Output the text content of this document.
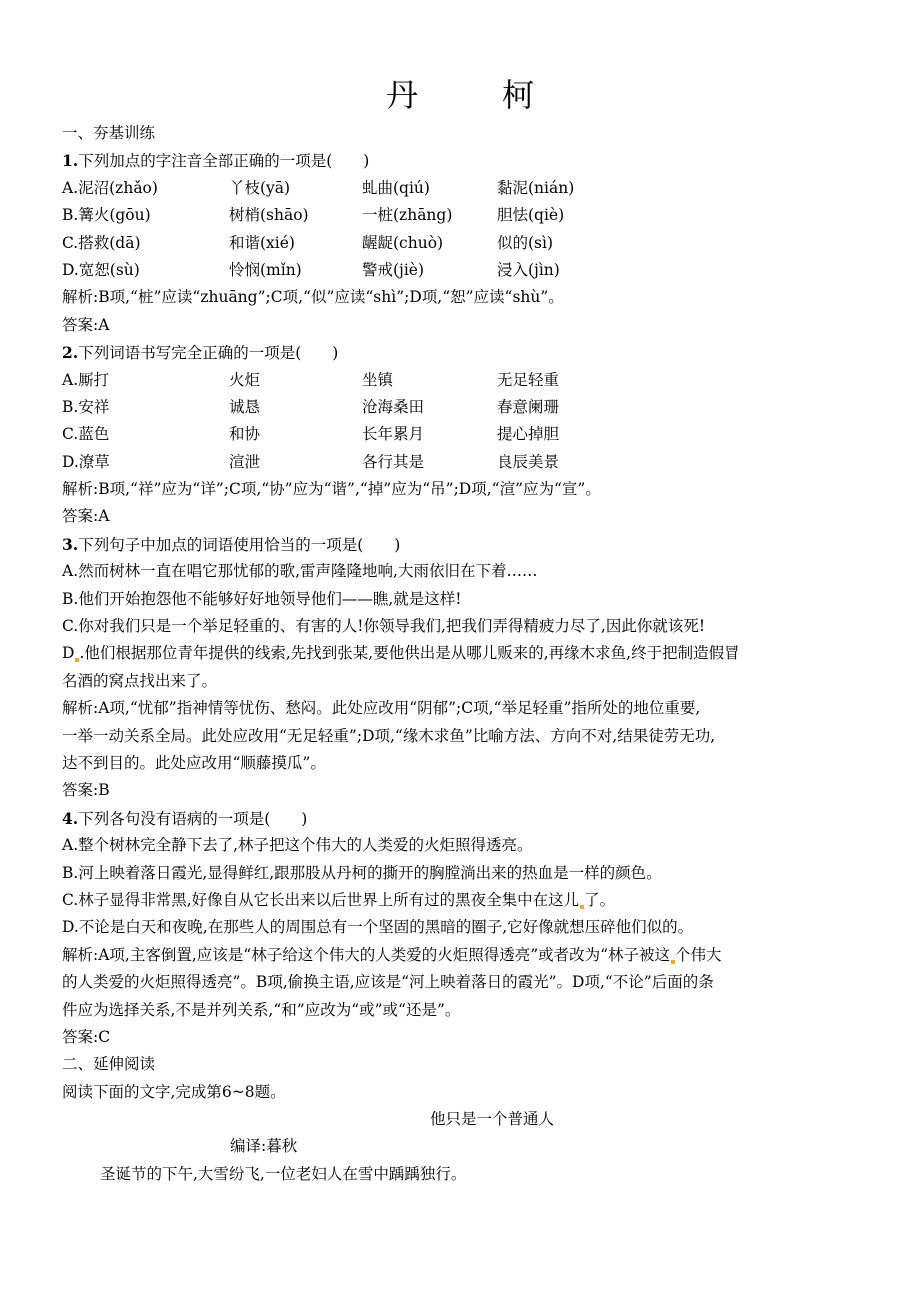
丹　柯
一、夯基训练
1.下列加点的字注音全部正确的一项是(　　)
A.泥沼(zhǎo)	丫枝(yā)	虬曲(qiú)	黏泥(nián)
B.篝火(gōu)	树梢(shāo)	一桩(zhāng)	胆怯(qiè)
C.搭救(dā)	和谐(xié)	龌龊(chuò)	似的(sì)
D.宽恕(sù)	怜悯(mǐn)	警戒(jiè)	浸入(jìn)
解析:B项,“桩”应读“zhuāng”;C项,“似”应读“shì”;D项,“恕”应读“shù”。
答案:A
2.下列词语书写完全正确的一项是(　　)
A.厮打	火炬	坐镇	无足轻重
B.安祥	诚恳	沧海桑田	春意阑珊
C.蓝色	和协	长年累月	提心掉胆
D.潦草	渲泄	各行其是	良辰美景
解析:B项,“祥”应为“详”;C项,“协”应为“谐”,“掉”应为“吊”;D项,“渲”应为“宣”。
答案:A
3.下列句子中加点的词语使用恰当的一项是(　　)
A.然而树林一直在唱它那忧郁的歌,雷声隆隆地响,大雨依旧在下着……
B.他们开始抱怨他不能够好好地领导他们——瞧,就是这样!
C.你对我们只是一个举足轻重的、有害的人!你领导我们,把我们弄得精疲力尽了,因此你就该死!
D .他们根据那位青年提供的线索,先找到张某,要他供出是从哪儿贩来的,再缘木求鱼,终于把制造假冒
名酒的窝点找出来了。
解析:A项,“忧郁”指神情等忧伤、愁闷。此处应改用“阴郁”;C项,“举足轻重”指所处的地位重要,
一举一动关系全局。此处应改用“无足轻重”;D项,“缘木求鱼”比喻方法、方向不对,结果徒劳无功,
达不到目的。此处应改用“顺藤摸瓜”。
答案:B
4.下列各句没有语病的一项是(　　)
A.整个树林完全静下去了,林子把这个伟大的人类爱的火炬照得透亮。
B.河上映着落日霞光,显得鲜红,跟那股从丹柯的撕开的胸膛淌出来的热血是一样的颜色。
C.林子显得非常黑,好像自从它长出来以后世界上所有过的黑夜全集中在这儿 了。
D.不论是白天和夜晚,在那些人的周围总有一个坚固的黑暗的圈子,它好像就想压碎他们似的。
解析:A项,主客倒置,应该是“林子给这个伟大的人类爱的火炬照得透亮”或者改为“林子被这 个伟大
的人类爱的火炬照得透亮”。B项,偷换主语,应该是“河上映着落日的霞光”。D项,“不论”后面的条
件应为选择关系,不是并列关系,“和”应改为“或”或“还是”。
答案:C
二、延伸阅读
阅读下面的文字,完成第6~8题。
他只是一个普通人
编译:暮秋
圣诞节的下午,大雪纷飞,一位老妇人在雪中踽踽独行。
